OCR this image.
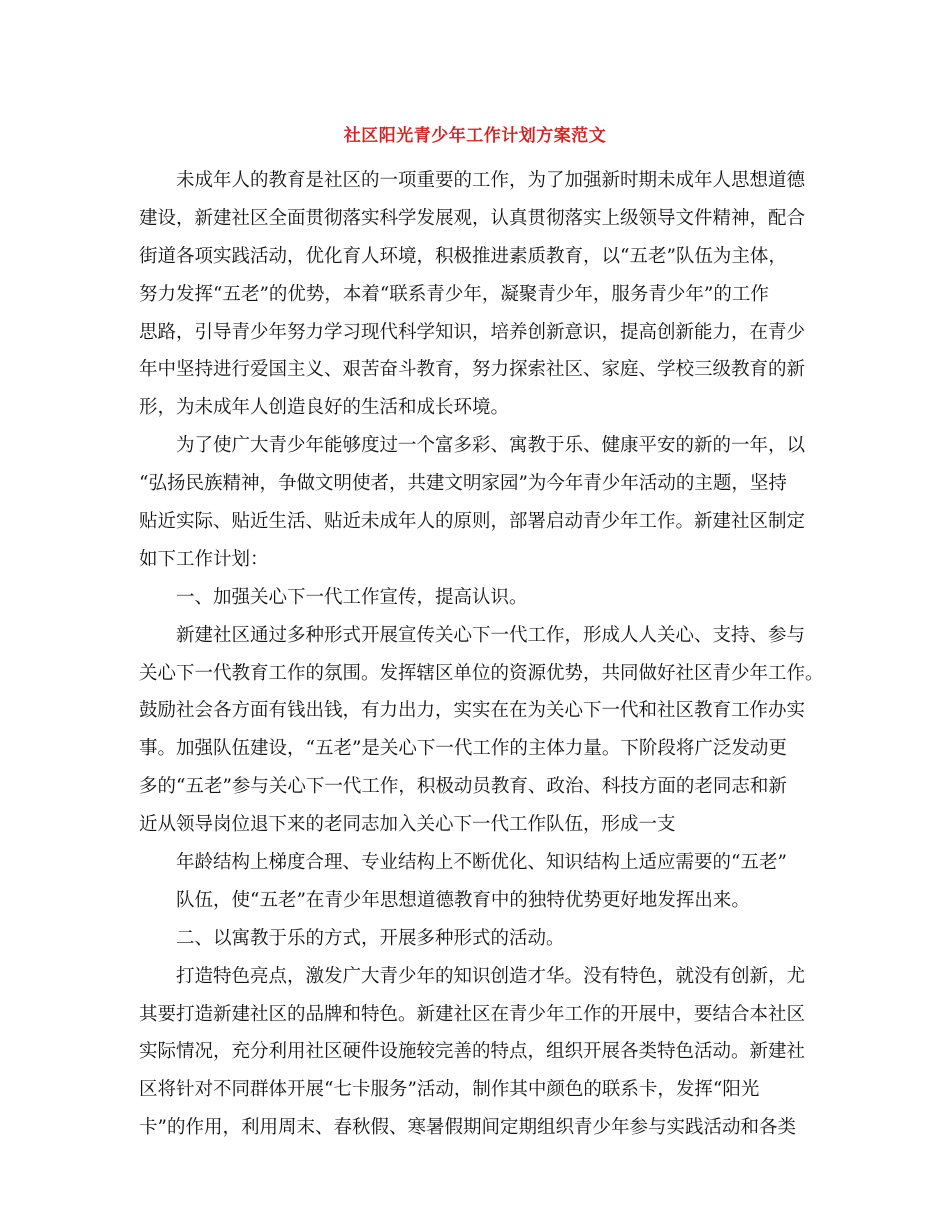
社区阳光青少年工作计划方案范文
未成年人的教育是社区的一项重要的工作，为了加强新时期未成年人思想道德
建设，新建社区全面贯彻落实科学发展观，认真贯彻落实上级领导文件精神，配合
街道各项实践活动，优化育人环境，积极推进素质教育，以“五老”队伍为主体，
努力发挥“五老”的优势，本着“联系青少年，凝聚青少年，服务青少年”的工作
思路，引导青少年努力学习现代科学知识，培养创新意识，提高创新能力，在青少
年中坚持进行爱国主义、艰苦奋斗教育，努力探索社区、家庭、学校三级教育的新
形，为未成年人创造良好的生活和成长环境。
为了使广大青少年能够度过一个富多彩、寓教于乐、健康平安的新的一年，以
“弘扬民族精神，争做文明使者，共建文明家园”为今年青少年活动的主题，坚持
贴近实际、贴近生活、贴近未成年人的原则，部署启动青少年工作。新建社区制定
如下工作计划：
一、加强关心下一代工作宣传，提高认识。
新建社区通过多种形式开展宣传关心下一代工作，形成人人关心、支持、参与
关心下一代教育工作的氛围。发挥辖区单位的资源优势，共同做好社区青少年工作。
鼓励社会各方面有钱出钱，有力出力，实实在在为关心下一代和社区教育工作办实
事。加强队伍建设，“五老”是关心下一代工作的主体力量。下阶段将广泛发动更
多的“五老”参与关心下一代工作，积极动员教育、政治、科技方面的老同志和新
近从领导岗位退下来的老同志加入关心下一代工作队伍，形成一支
年龄结构上梯度合理、专业结构上不断优化、知识结构上适应需要的“五老”
队伍，使“五老”在青少年思想道德教育中的独特优势更好地发挥出来。
二、以寓教于乐的方式，开展多种形式的活动。
打造特色亮点，激发广大青少年的知识创造才华。没有特色，就没有创新，尤
其要打造新建社区的品牌和特色。新建社区在青少年工作的开展中，要结合本社区
实际情况，充分利用社区硬件设施较完善的特点，组织开展各类特色活动。新建社
区将针对不同群体开展“七卡服务”活动，制作其中颜色的联系卡，发挥“阳光
卡”的作用，利用周末、春秋假、寒暑假期间定期组织青少年参与实践活动和各类
